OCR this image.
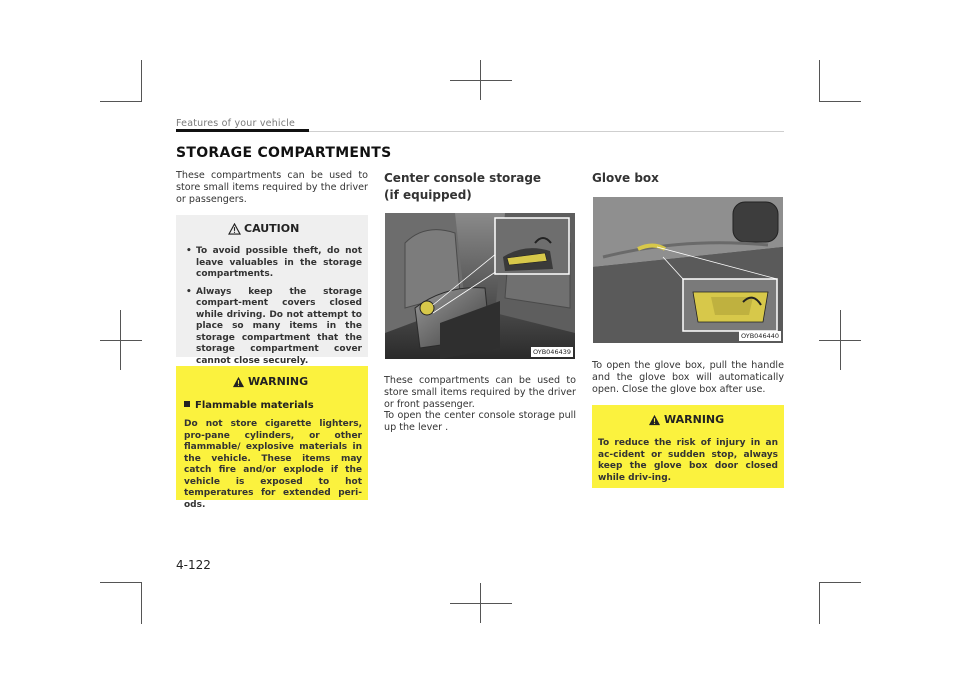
Features of your vehicle
STORAGE COMPARTMENTS
These compartments can be used to store small items required by the driver or passengers.
CAUTION
• To avoid possible theft, do not leave valuables in the storage compartments.
• Always keep the storage compart-ment covers closed while driving. Do not attempt to place so many items in the storage compartment that the storage compartment cover cannot close securely.
WARNING
Flammable materials
Do not store cigarette lighters, pro-pane cylinders, or other flammable/ explosive materials in the vehicle. These items may catch fire and/or explode if the vehicle is exposed to hot temperatures for extended peri-ods.
Center console storage (if equipped)
OYB046439
These compartments can be used to store small items required by the driver or front passenger.
To open the center console storage pull up the lever .
Glove box
OYB046440
To open the glove box, pull the handle and the glove box will automatically open. Close the glove box after use.
WARNING
To reduce the risk of injury in an ac-cident or sudden stop, always keep the glove box door closed while driv-ing.
4-122
